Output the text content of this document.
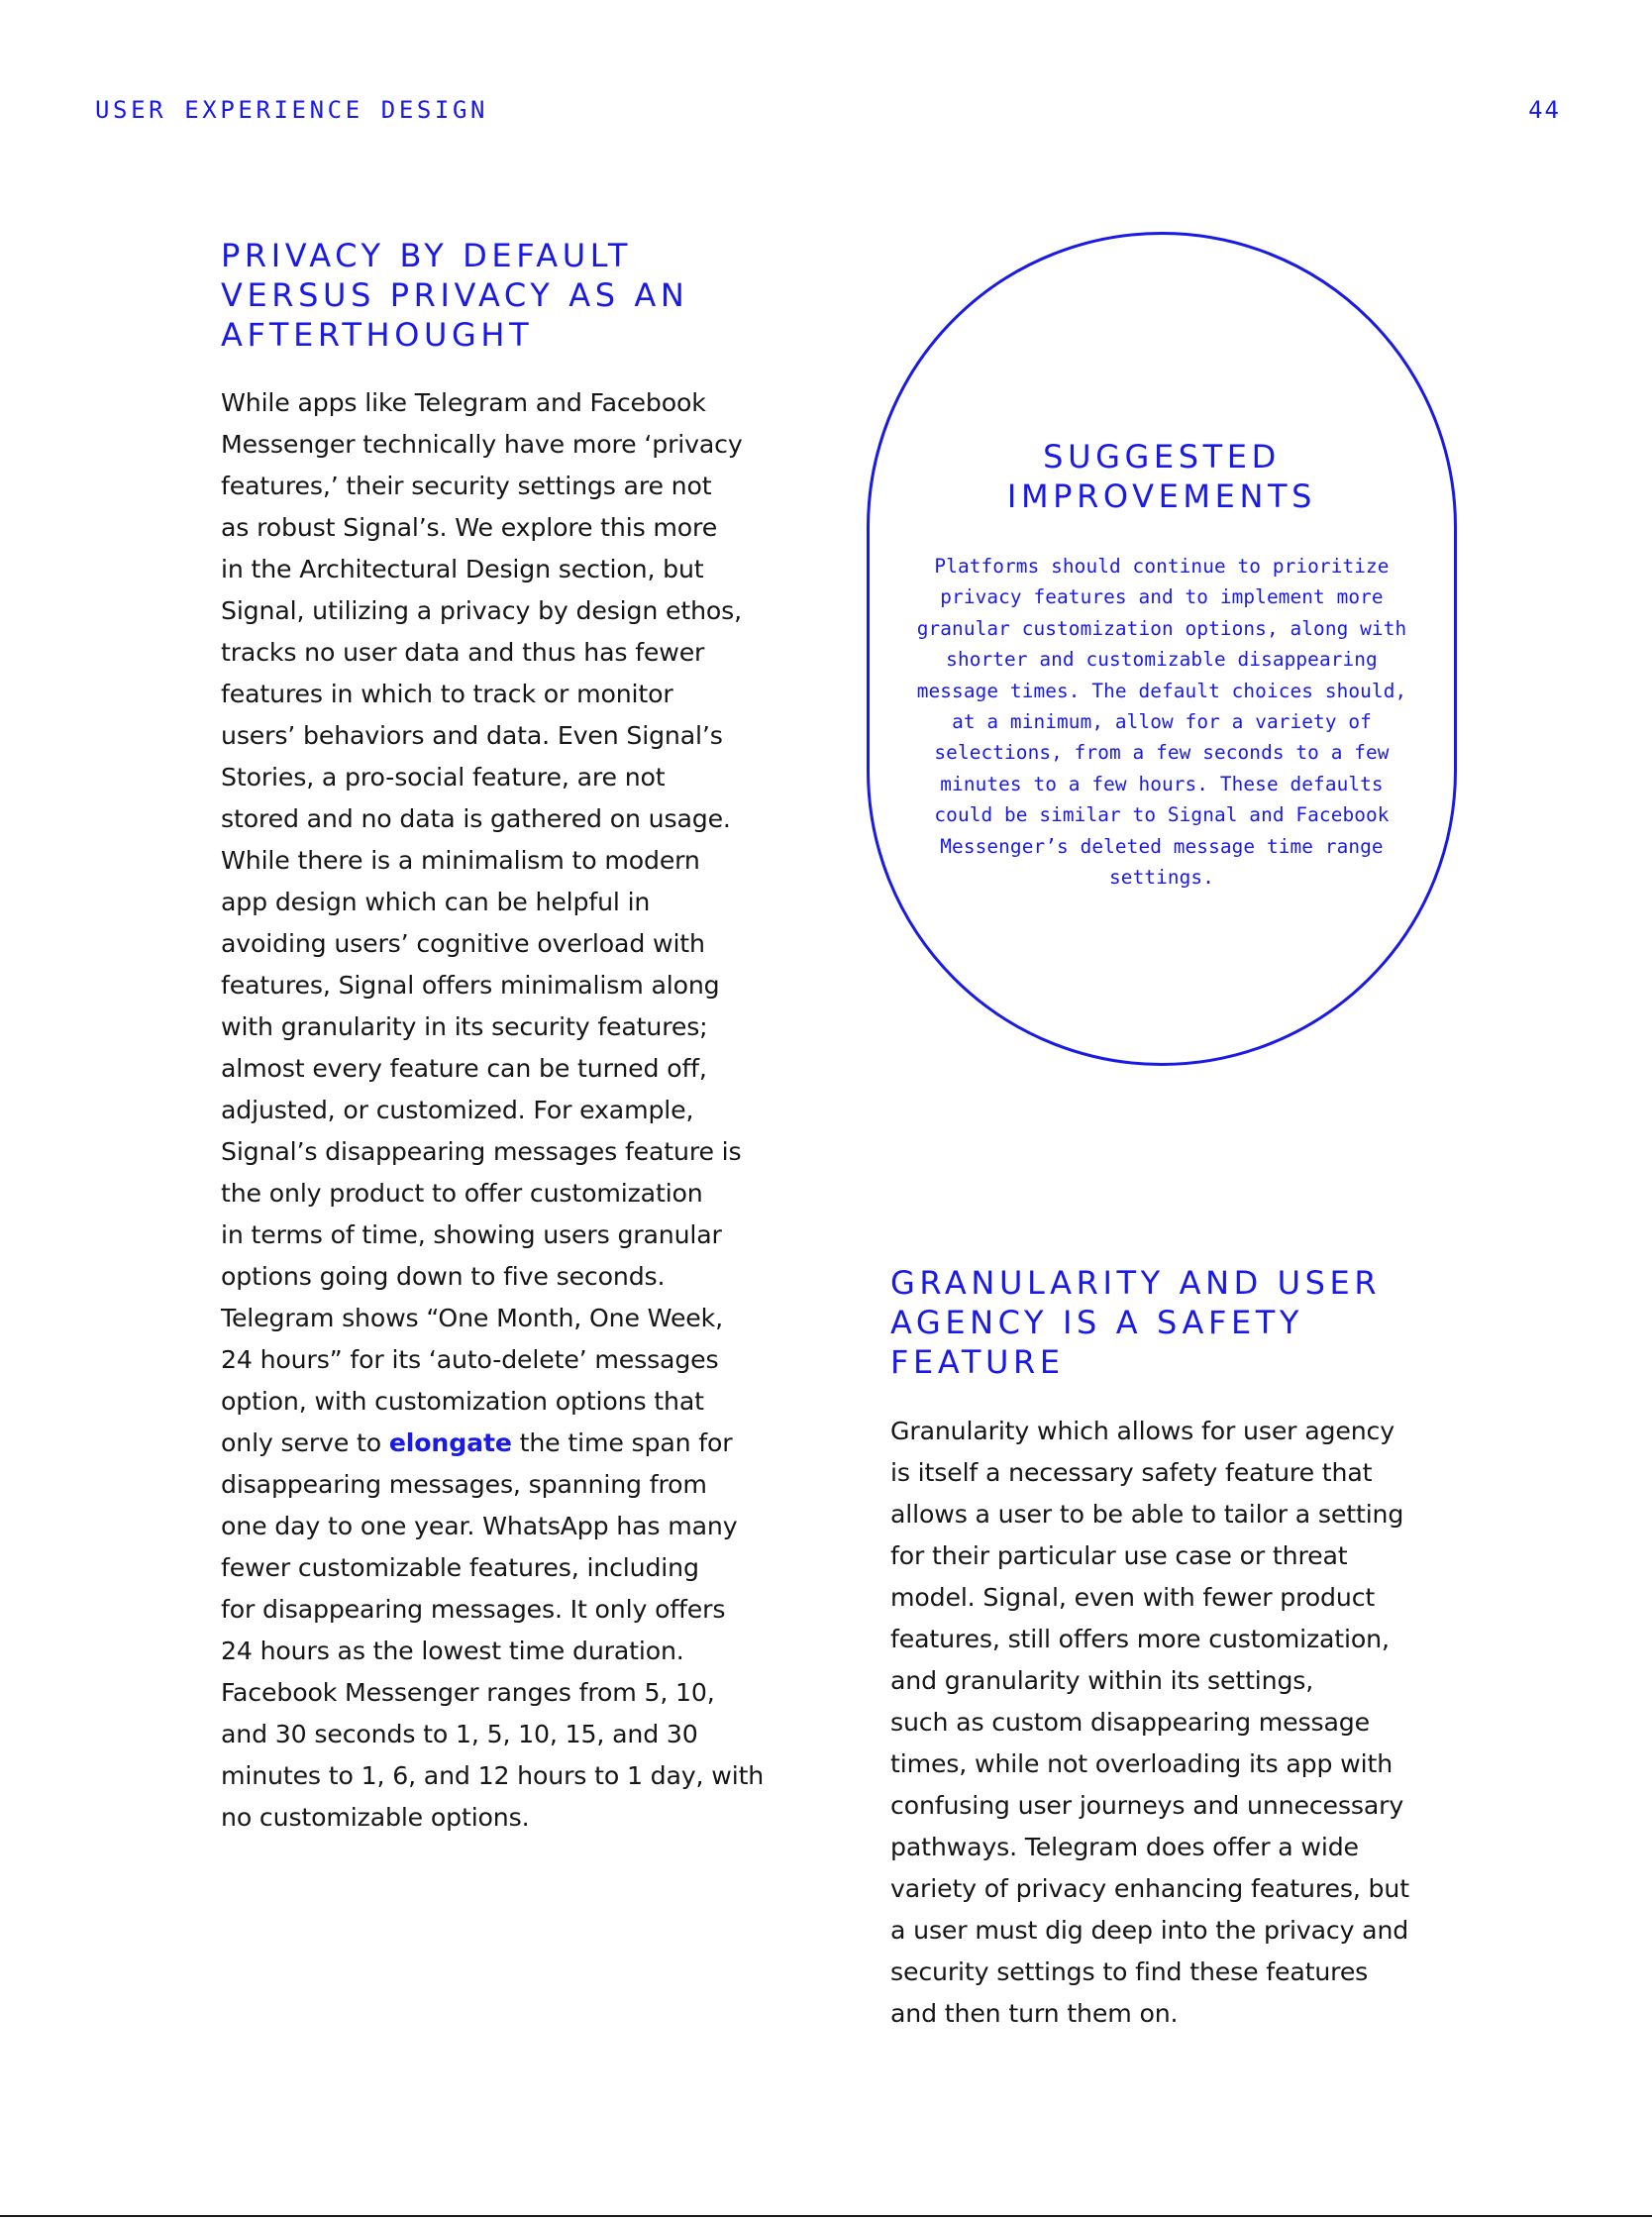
USER EXPERIENCE DESIGN	44

PRIVACY BY DEFAULT
VERSUS PRIVACY AS AN
AFTERTHOUGHT
While apps like Telegram and Facebook
Messenger technically have more ‘privacy
features,’ their security settings are not
as robust Signal’s. We explore this more
in the Architectural Design section, but
Signal, utilizing a privacy by design ethos,
tracks no user data and thus has fewer
features in which to track or monitor
users’ behaviors and data. Even Signal’s
Stories, a pro-social feature, are not
stored and no data is gathered on usage.
While there is a minimalism to modern
app design which can be helpful in
avoiding users’ cognitive overload with
features, Signal offers minimalism along
with granularity in its security features;
almost every feature can be turned off,
adjusted, or customized. For example,
Signal’s disappearing messages feature is
the only product to offer customization
in terms of time, showing users granular
options going down to five seconds.
Telegram shows “One Month, One Week,
24 hours” for its ‘auto-delete’ messages
option, with customization options that
only serve to elongate the time span for
disappearing messages, spanning from
one day to one year. WhatsApp has many
fewer customizable features, including
for disappearing messages. It only offers
24 hours as the lowest time duration.
Facebook Messenger ranges from 5, 10,
and 30 seconds to 1, 5, 10, 15, and 30
minutes to 1, 6, and 12 hours to 1 day, with
no customizable options.
SUGGESTED
IMPROVEMENTS
Platforms should continue to prioritize
privacy features and to implement more
granular customization options, along with
shorter and customizable disappearing
message times. The default choices should,
at a minimum, allow for a variety of
selections, from a few seconds to a few
minutes to a few hours. These defaults
could be similar to Signal and Facebook
Messenger’s deleted message time range
settings.
GRANULARITY AND USER
AGENCY IS A SAFETY
FEATURE
Granularity which allows for user agency
is itself a necessary safety feature that
allows a user to be able to tailor a setting
for their particular use case or threat
model. Signal, even with fewer product
features, still offers more customization,
and granularity within its settings,
such as custom disappearing message
times, while not overloading its app with
confusing user journeys and unnecessary
pathways. Telegram does offer a wide
variety of privacy enhancing features, but
a user must dig deep into the privacy and
security settings to find these features
and then turn them on.
